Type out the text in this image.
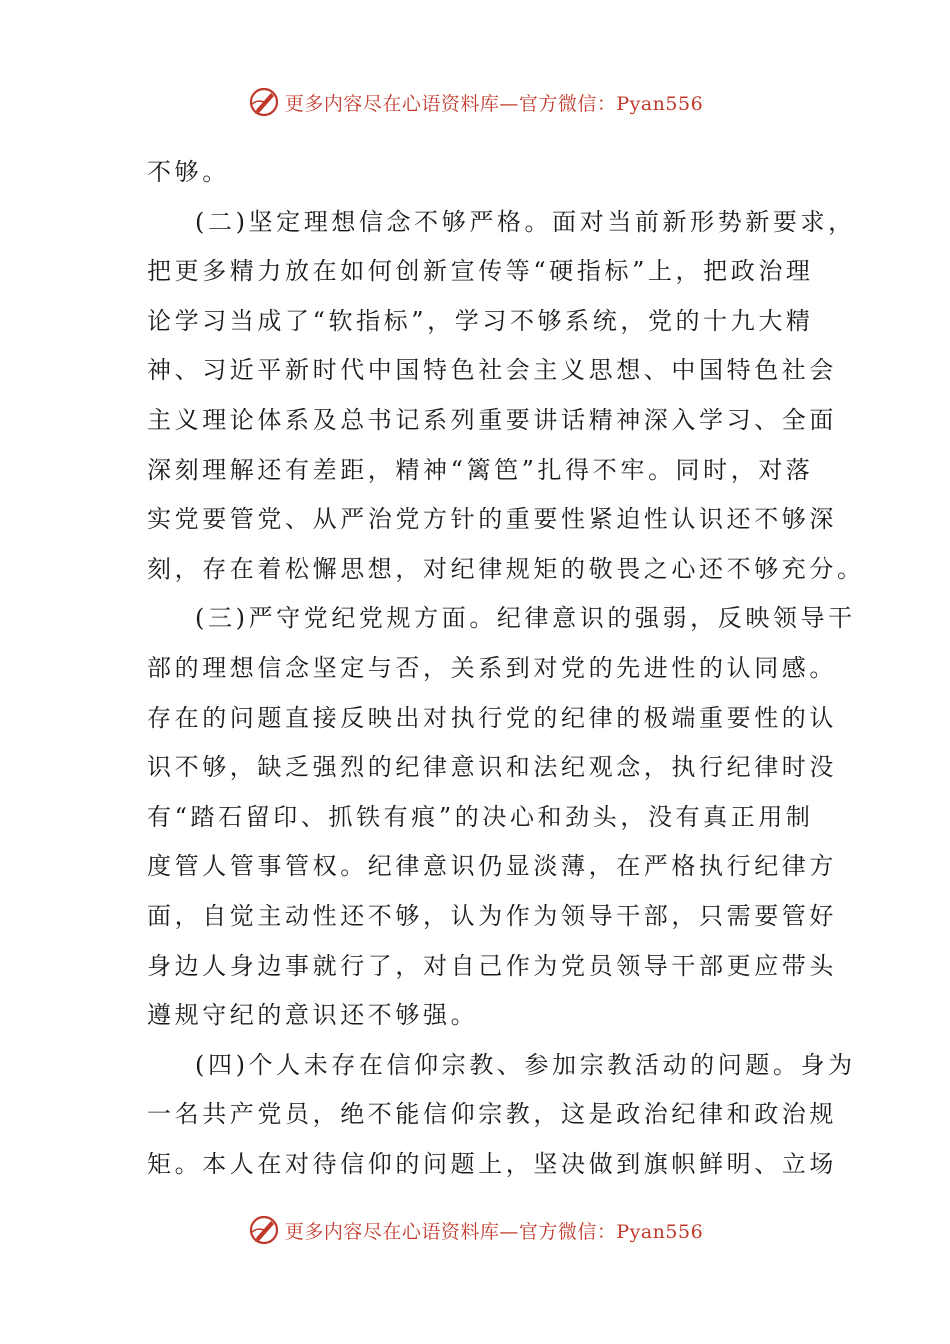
更多内容尽在心语资料库—官方微信：Pyan556
不够。
(二)坚定理想信念不够严格。面对当前新形势新要求，
把更多精力放在如何创新宣传等“硬指标”上，把政治理
论学习当成了“软指标”，学习不够系统，党的十九大精
神、习近平新时代中国特色社会主义思想、中国特色社会
主义理论体系及总书记系列重要讲话精神深入学习、全面
深刻理解还有差距，精神“篱笆”扎得不牢。同时，对落
实党要管党、从严治党方针的重要性紧迫性认识还不够深
刻，存在着松懈思想，对纪律规矩的敬畏之心还不够充分。
(三)严守党纪党规方面。纪律意识的强弱，反映领导干
部的理想信念坚定与否，关系到对党的先进性的认同感。
存在的问题直接反映出对执行党的纪律的极端重要性的认
识不够，缺乏强烈的纪律意识和法纪观念，执行纪律时没
有“踏石留印、抓铁有痕”的决心和劲头，没有真正用制
度管人管事管权。纪律意识仍显淡薄，在严格执行纪律方
面，自觉主动性还不够，认为作为领导干部，只需要管好
身边人身边事就行了，对自己作为党员领导干部更应带头
遵规守纪的意识还不够强。
(四)个人未存在信仰宗教、参加宗教活动的问题。身为
一名共产党员，绝不能信仰宗教，这是政治纪律和政治规
矩。本人在对待信仰的问题上，坚决做到旗帜鲜明、立场
更多内容尽在心语资料库—官方微信：Pyan556
